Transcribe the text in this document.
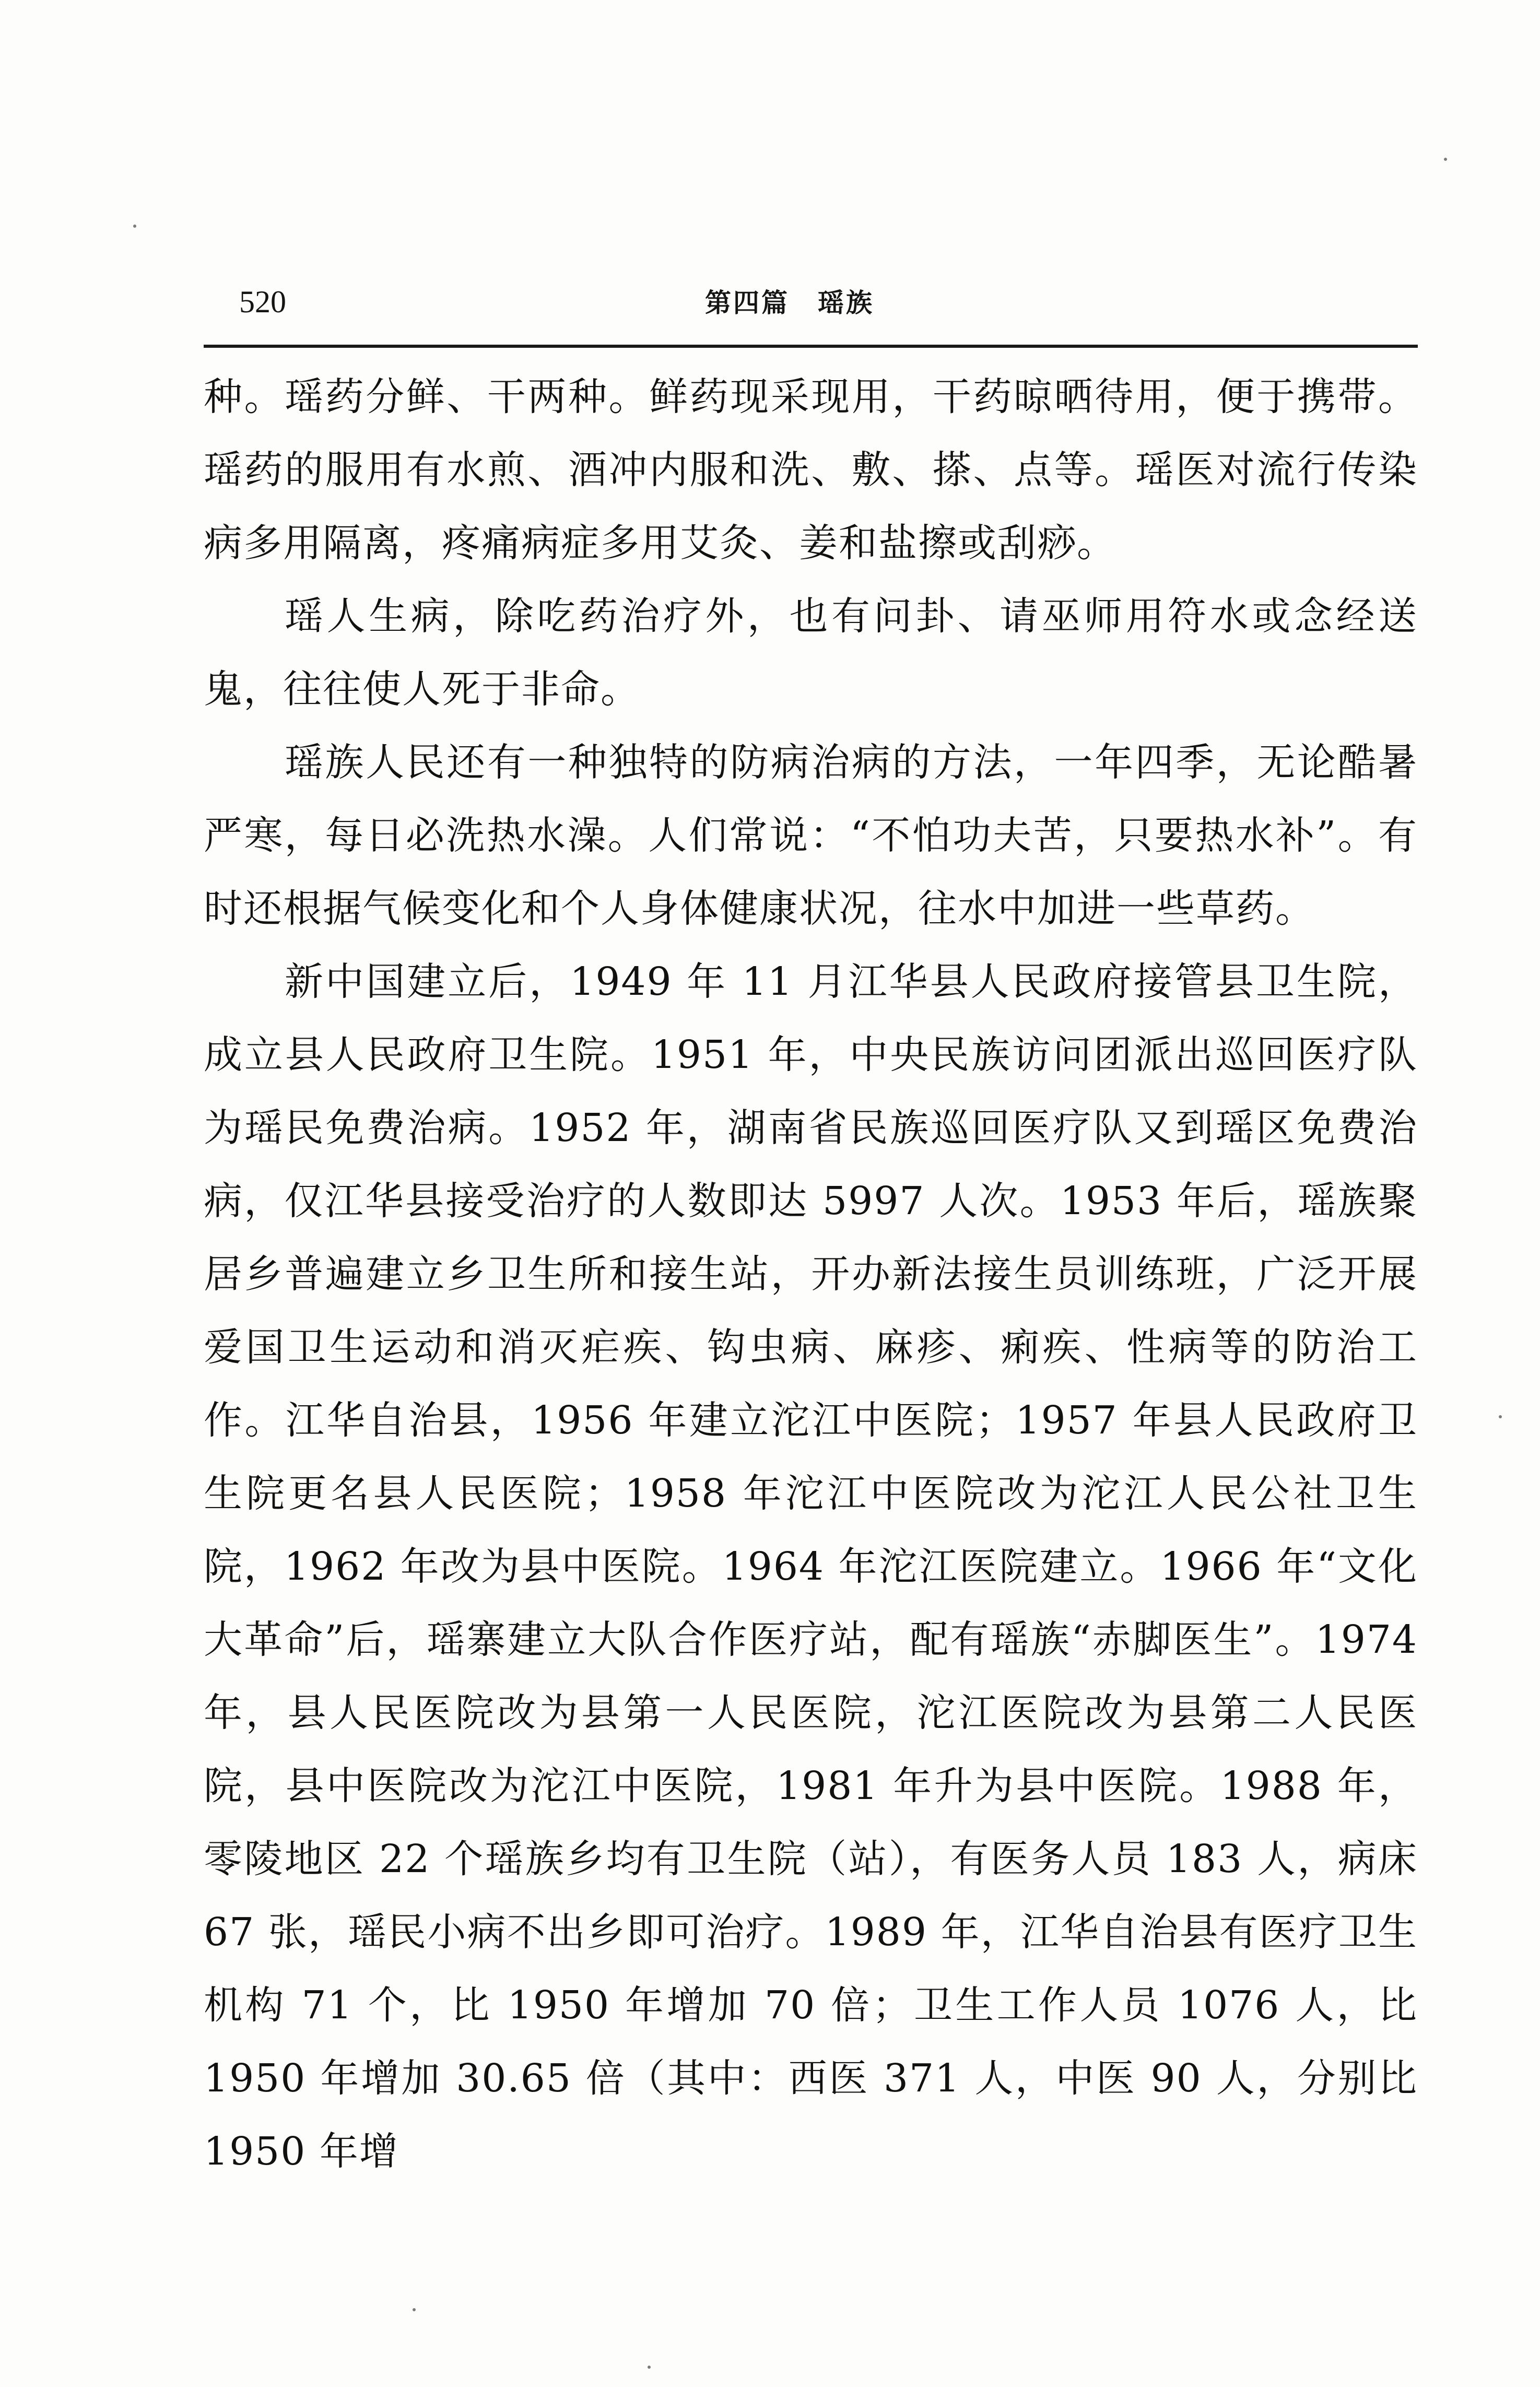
520	第四篇　瑶族

种。瑶药分鲜、干两种。鲜药现采现用，干药晾晒待用，便于携带。瑶药的服用有水煎、酒冲内服和洗、敷、搽、点等。瑶医对流行传染病多用隔离，疼痛病症多用艾灸、姜和盐擦或刮痧。

瑶人生病，除吃药治疗外，也有问卦、请巫师用符水或念经送鬼，往往使人死于非命。

瑶族人民还有一种独特的防病治病的方法，一年四季，无论酷暑严寒，每日必洗热水澡。人们常说：“不怕功夫苦，只要热水补”。有时还根据气候变化和个人身体健康状况，往水中加进一些草药。

新中国建立后，1949 年 11 月江华县人民政府接管县卫生院，成立县人民政府卫生院。1951 年，中央民族访问团派出巡回医疗队为瑶民免费治病。1952 年，湖南省民族巡回医疗队又到瑶区免费治病，仅江华县接受治疗的人数即达 5997 人次。1953 年后，瑶族聚居乡普遍建立乡卫生所和接生站，开办新法接生员训练班，广泛开展爱国卫生运动和消灭疟疾、钩虫病、麻疹、痢疾、性病等的防治工作。江华自治县，1956 年建立沱江中医院；1957 年县人民政府卫生院更名县人民医院；1958 年沱江中医院改为沱江人民公社卫生院，1962 年改为县中医院。1964 年沱江医院建立。1966 年“文化大革命”后，瑶寨建立大队合作医疗站，配有瑶族“赤脚医生”。1974 年，县人民医院改为县第一人民医院，沱江医院改为县第二人民医院，县中医院改为沱江中医院，1981 年升为县中医院。1988 年，零陵地区 22 个瑶族乡均有卫生院（站），有医务人员 183 人，病床 67 张，瑶民小病不出乡即可治疗。1989 年，江华自治县有医疗卫生机构 71 个，比 1950 年增加 70 倍；卫生工作人员 1076 人，比 1950 年增加 30.65 倍（其中：西医 371 人，中医 90 人，分别比 1950 年增
